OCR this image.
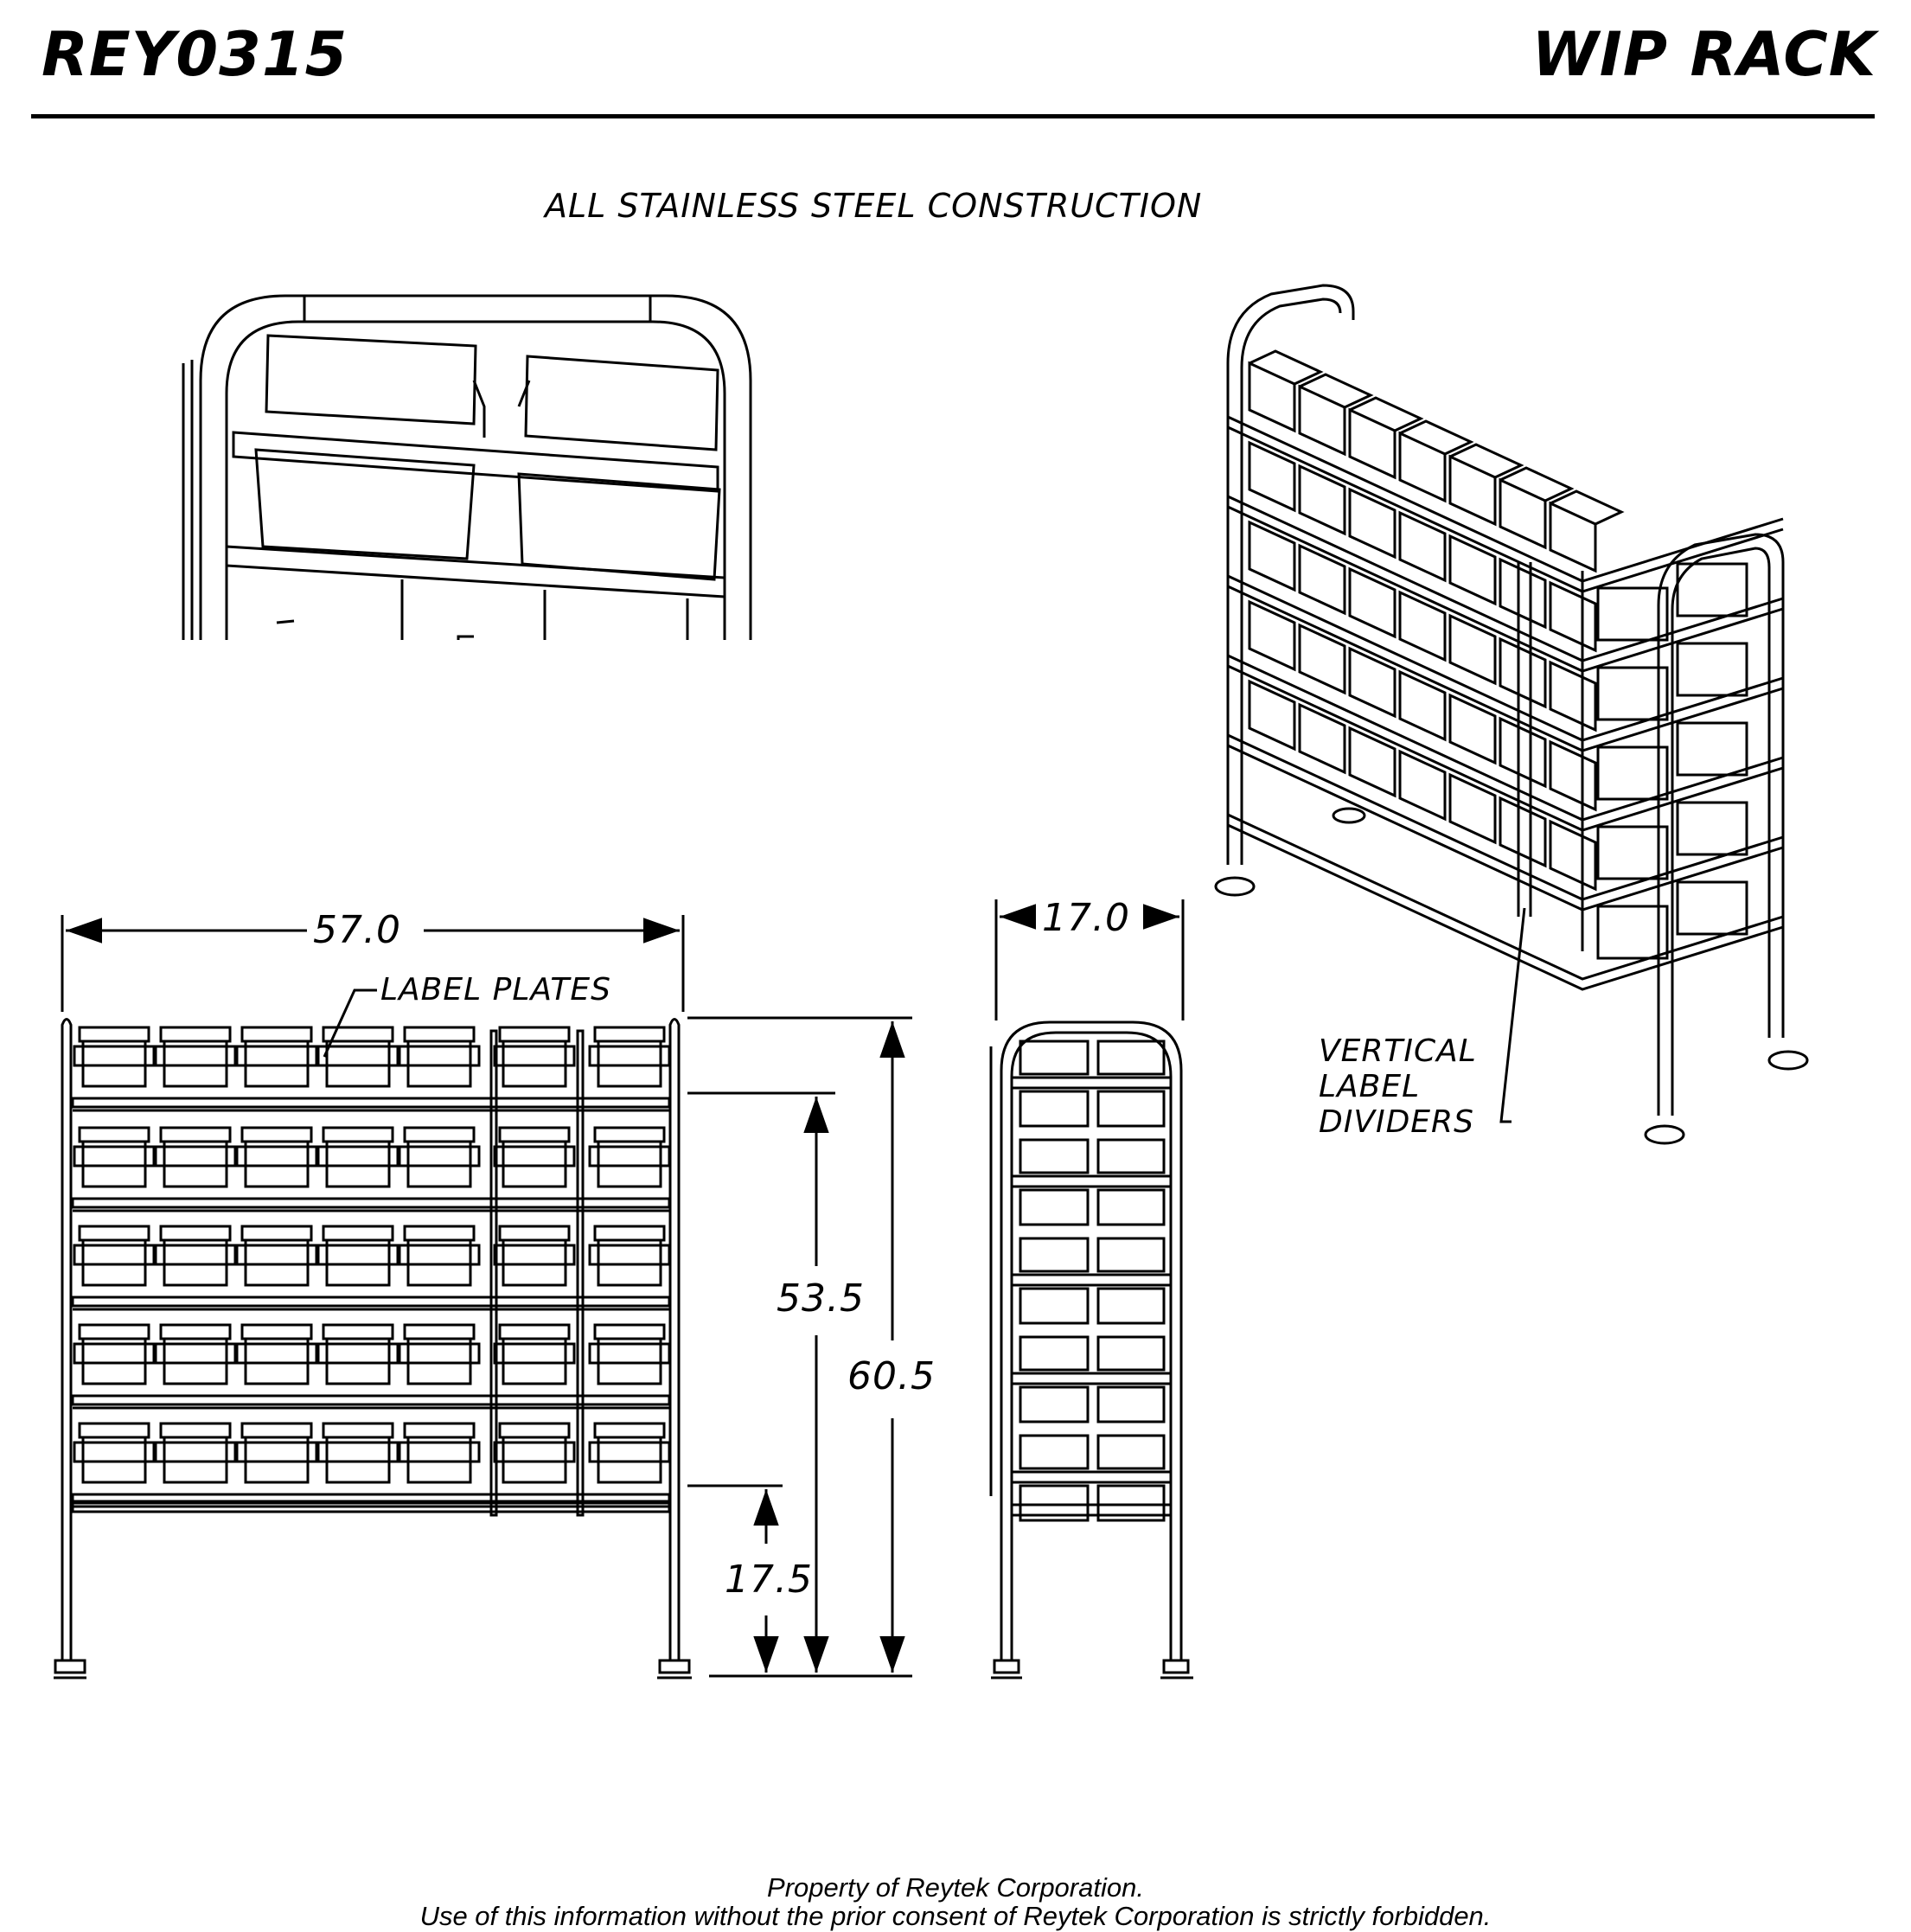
REY0315	WIP RACK
ALL STAINLESS STEEL CONSTRUCTION
57.0	17.0
53.5
60.5
17.5
LABEL PLATES
VERTICAL
LABEL
DIVIDERS
Property of Reytek Corporation.
Use of this information without the prior consent of Reytek Corporation is strictly forbidden.
